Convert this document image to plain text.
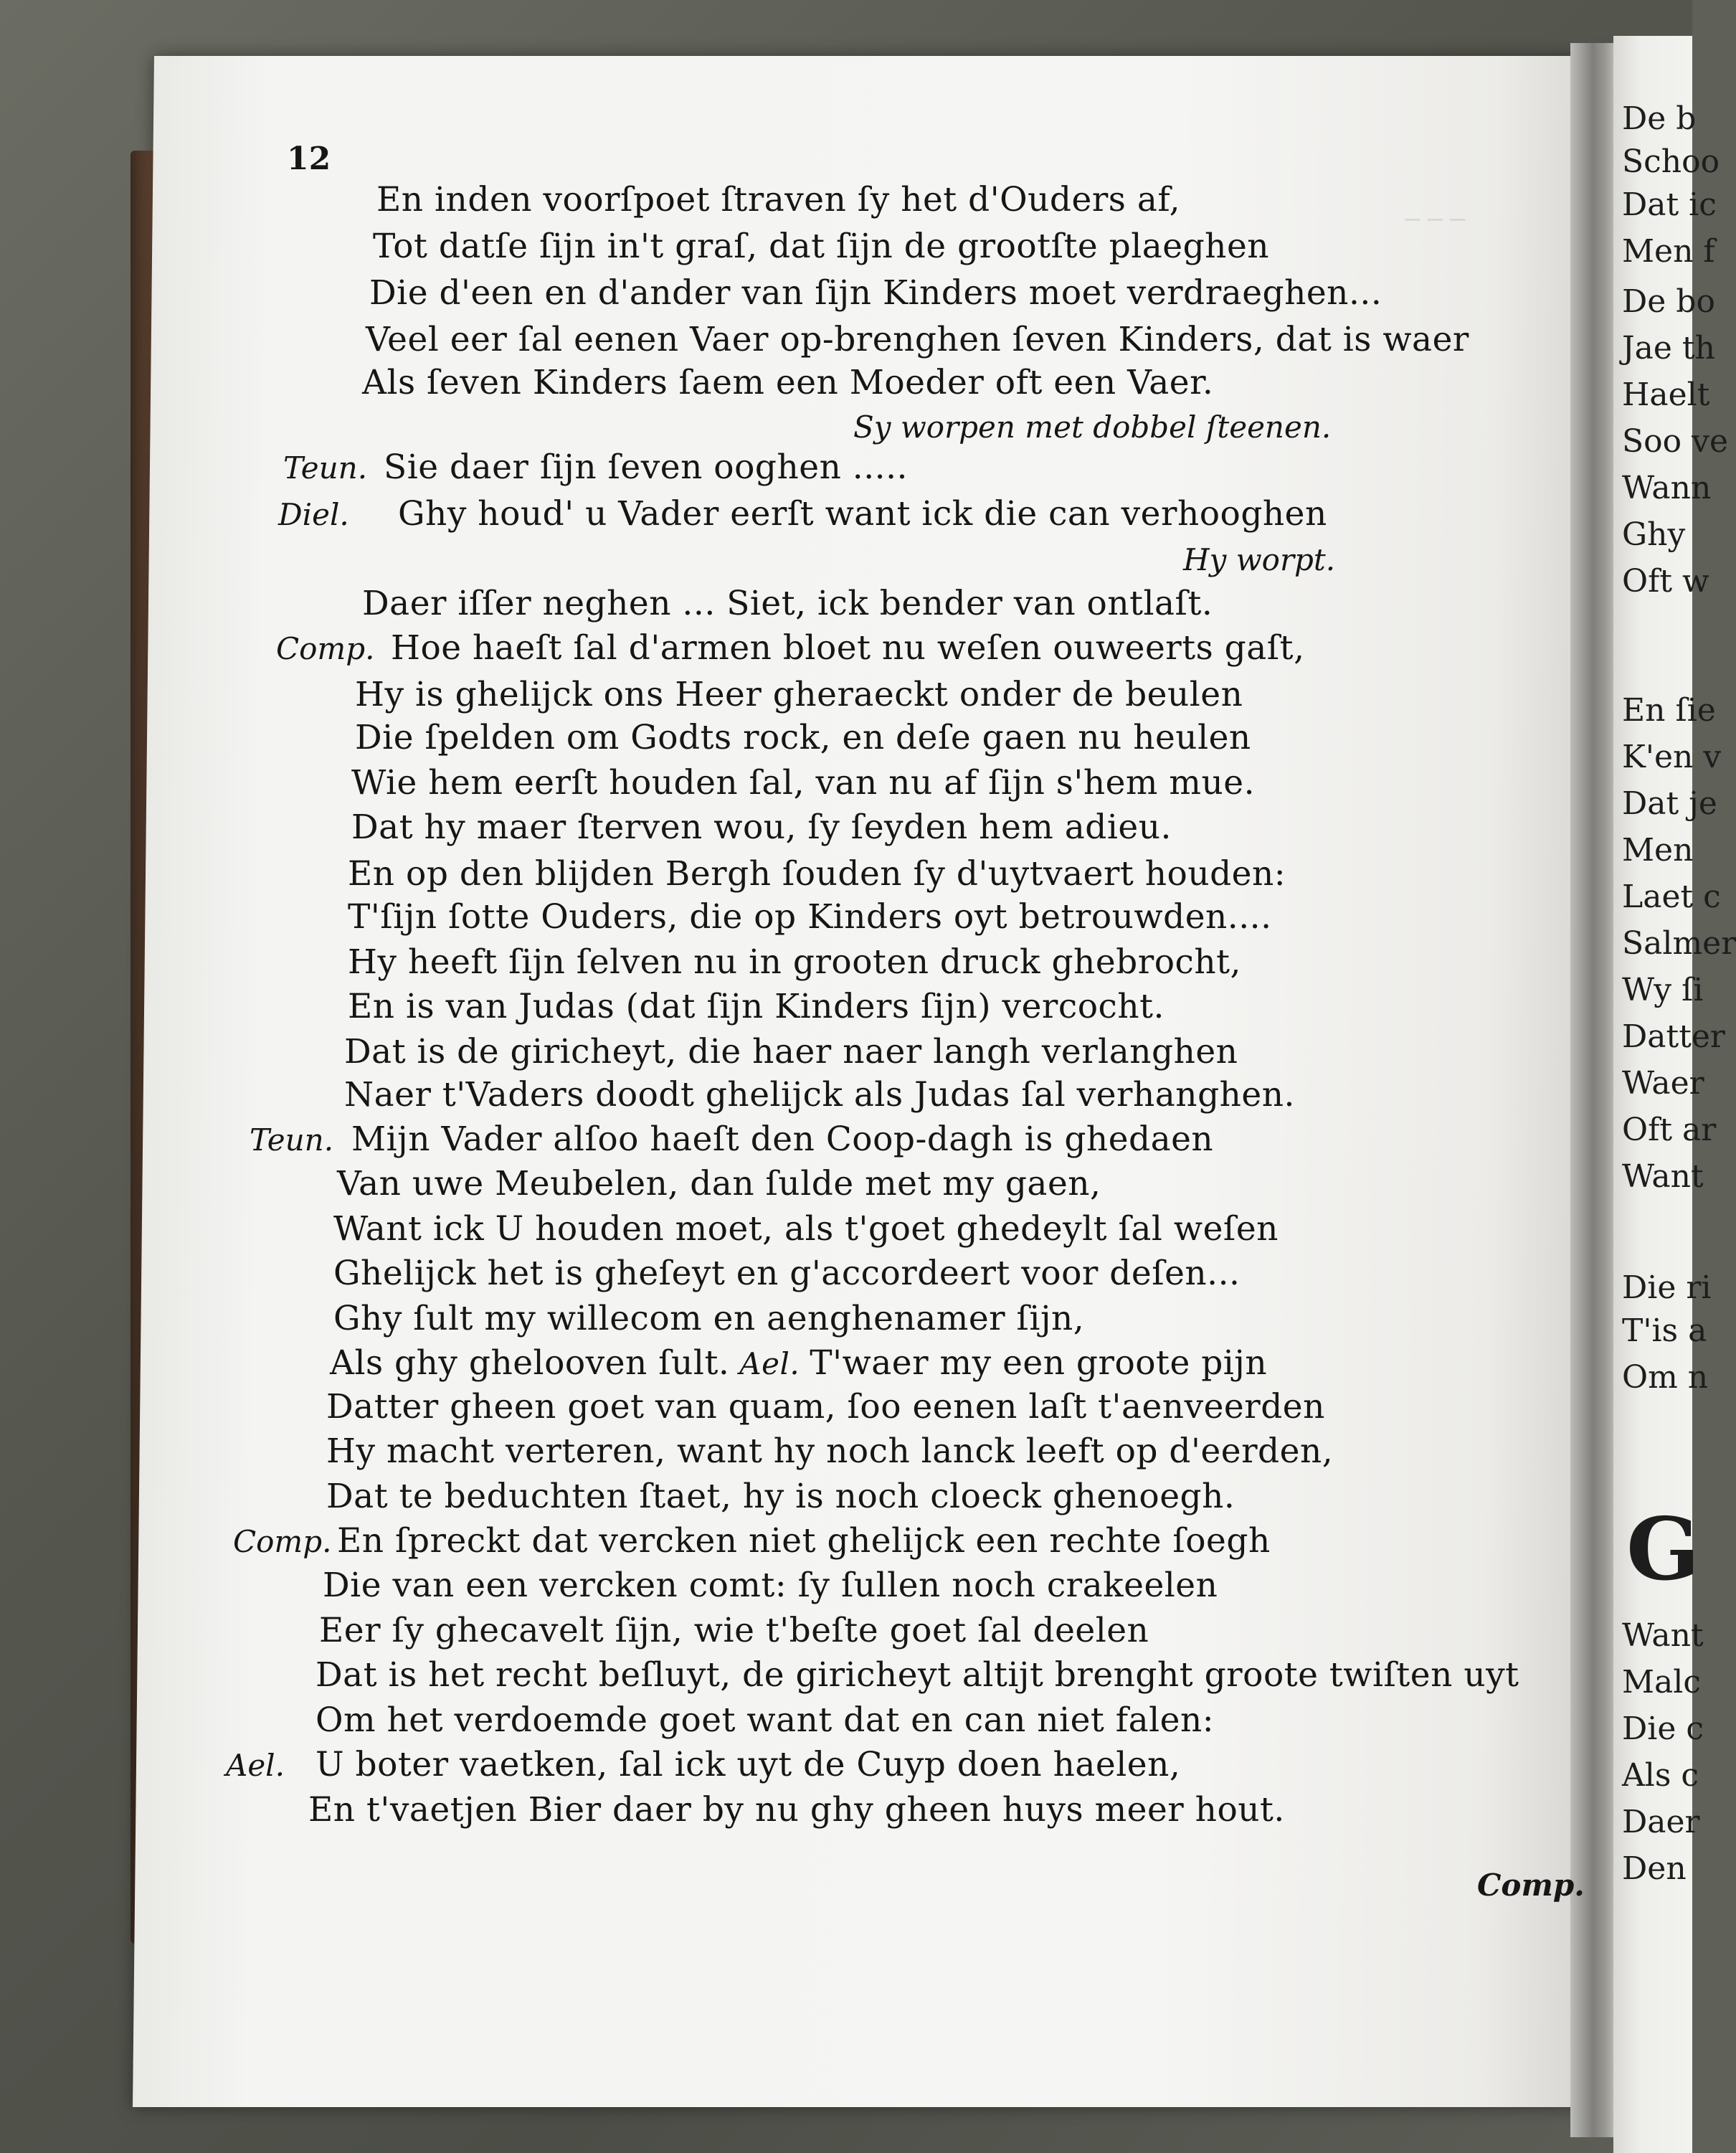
De b
Schoo
Dat ic
Men f
De bo
Jae th
Haelt
Soo ve
Wann
Ghy
Oft w
En ſie
K'en v
Dat je
Men
Laet c
Salmer
Wy ſi
Datter
Waer
Oft ar
Want
Die ri
T'is a
Om n
G
Want
Malc
Die c
Als c
Daer
Den
─ ─ ─
12
En inden voorſpoet ſtraven ſy het d'Ouders af,
Tot datſe ſijn in't graſ, dat ſijn de grootſte plaeghen
Die d'een en d'ander van ſijn Kinders moet verdraeghen...
Veel eer ſal eenen Vaer op-brenghen ſeven Kinders, dat is waer
Als ſeven Kinders ſaem een Moeder oft een Vaer.
Sy worpen met dobbel ſteenen.
Teun. Sie daer ſijn ſeven ooghen .....
Diel. Ghy houd' u Vader eerſt want ick die can verhooghen
Hy worpt.
Daer iſſer neghen ... Siet, ick bender van ontlaſt.
Comp. Hoe haeſt ſal d'armen bloet nu weſen ouweerts gaſt,
Hy is ghelijck ons Heer gheraeckt onder de beulen
Die ſpelden om Godts rock, en deſe gaen nu heulen
Wie hem eerſt houden ſal, van nu af ſijn s'hem mue.
Dat hy maer ſterven wou, ſy ſeyden hem adieu.
En op den blijden Bergh ſouden ſy d'uytvaert houden:
T'ſijn ſotte Ouders, die op Kinders oyt betrouwden....
Hy heeft ſijn ſelven nu in grooten druck ghebrocht,
En is van Judas (dat ſijn Kinders ſijn) vercocht.
Dat is de giricheyt, die haer naer langh verlanghen
Naer t'Vaders doodt ghelijck als Judas ſal verhanghen.
Teun. Mijn Vader alſoo haeſt den Coop-dagh is ghedaen
Van uwe Meubelen, dan ſulde met my gaen,
Want ick U houden moet, als t'goet ghedeylt ſal weſen
Ghelijck het is gheſeyt en g'accordeert voor deſen...
Ghy ſult my willecom en aenghenamer ſijn,
Als ghy ghelooven ſult. Ael. T'waer my een groote pijn
Datter gheen goet van quam, ſoo eenen laſt t'aenveerden
Hy macht verteren, want hy noch lanck leeft op d'eerden,
Dat te beduchten ſtaet, hy is noch cloeck ghenoegh.
Comp. En ſpreckt dat vercken niet ghelijck een rechte ſoegh
Die van een vercken comt: ſy ſullen noch crakeelen
Eer ſy ghecavelt ſijn, wie t'beſte goet ſal deelen
Dat is het recht beſluyt, de giricheyt altijt brenght groote twiſten uyt
Om het verdoemde goet want dat en can niet falen:
Ael. U boter vaetken, ſal ick uyt de Cuyp doen haelen,
En t'vaetjen Bier daer by nu ghy gheen huys meer hout.
Comp.
